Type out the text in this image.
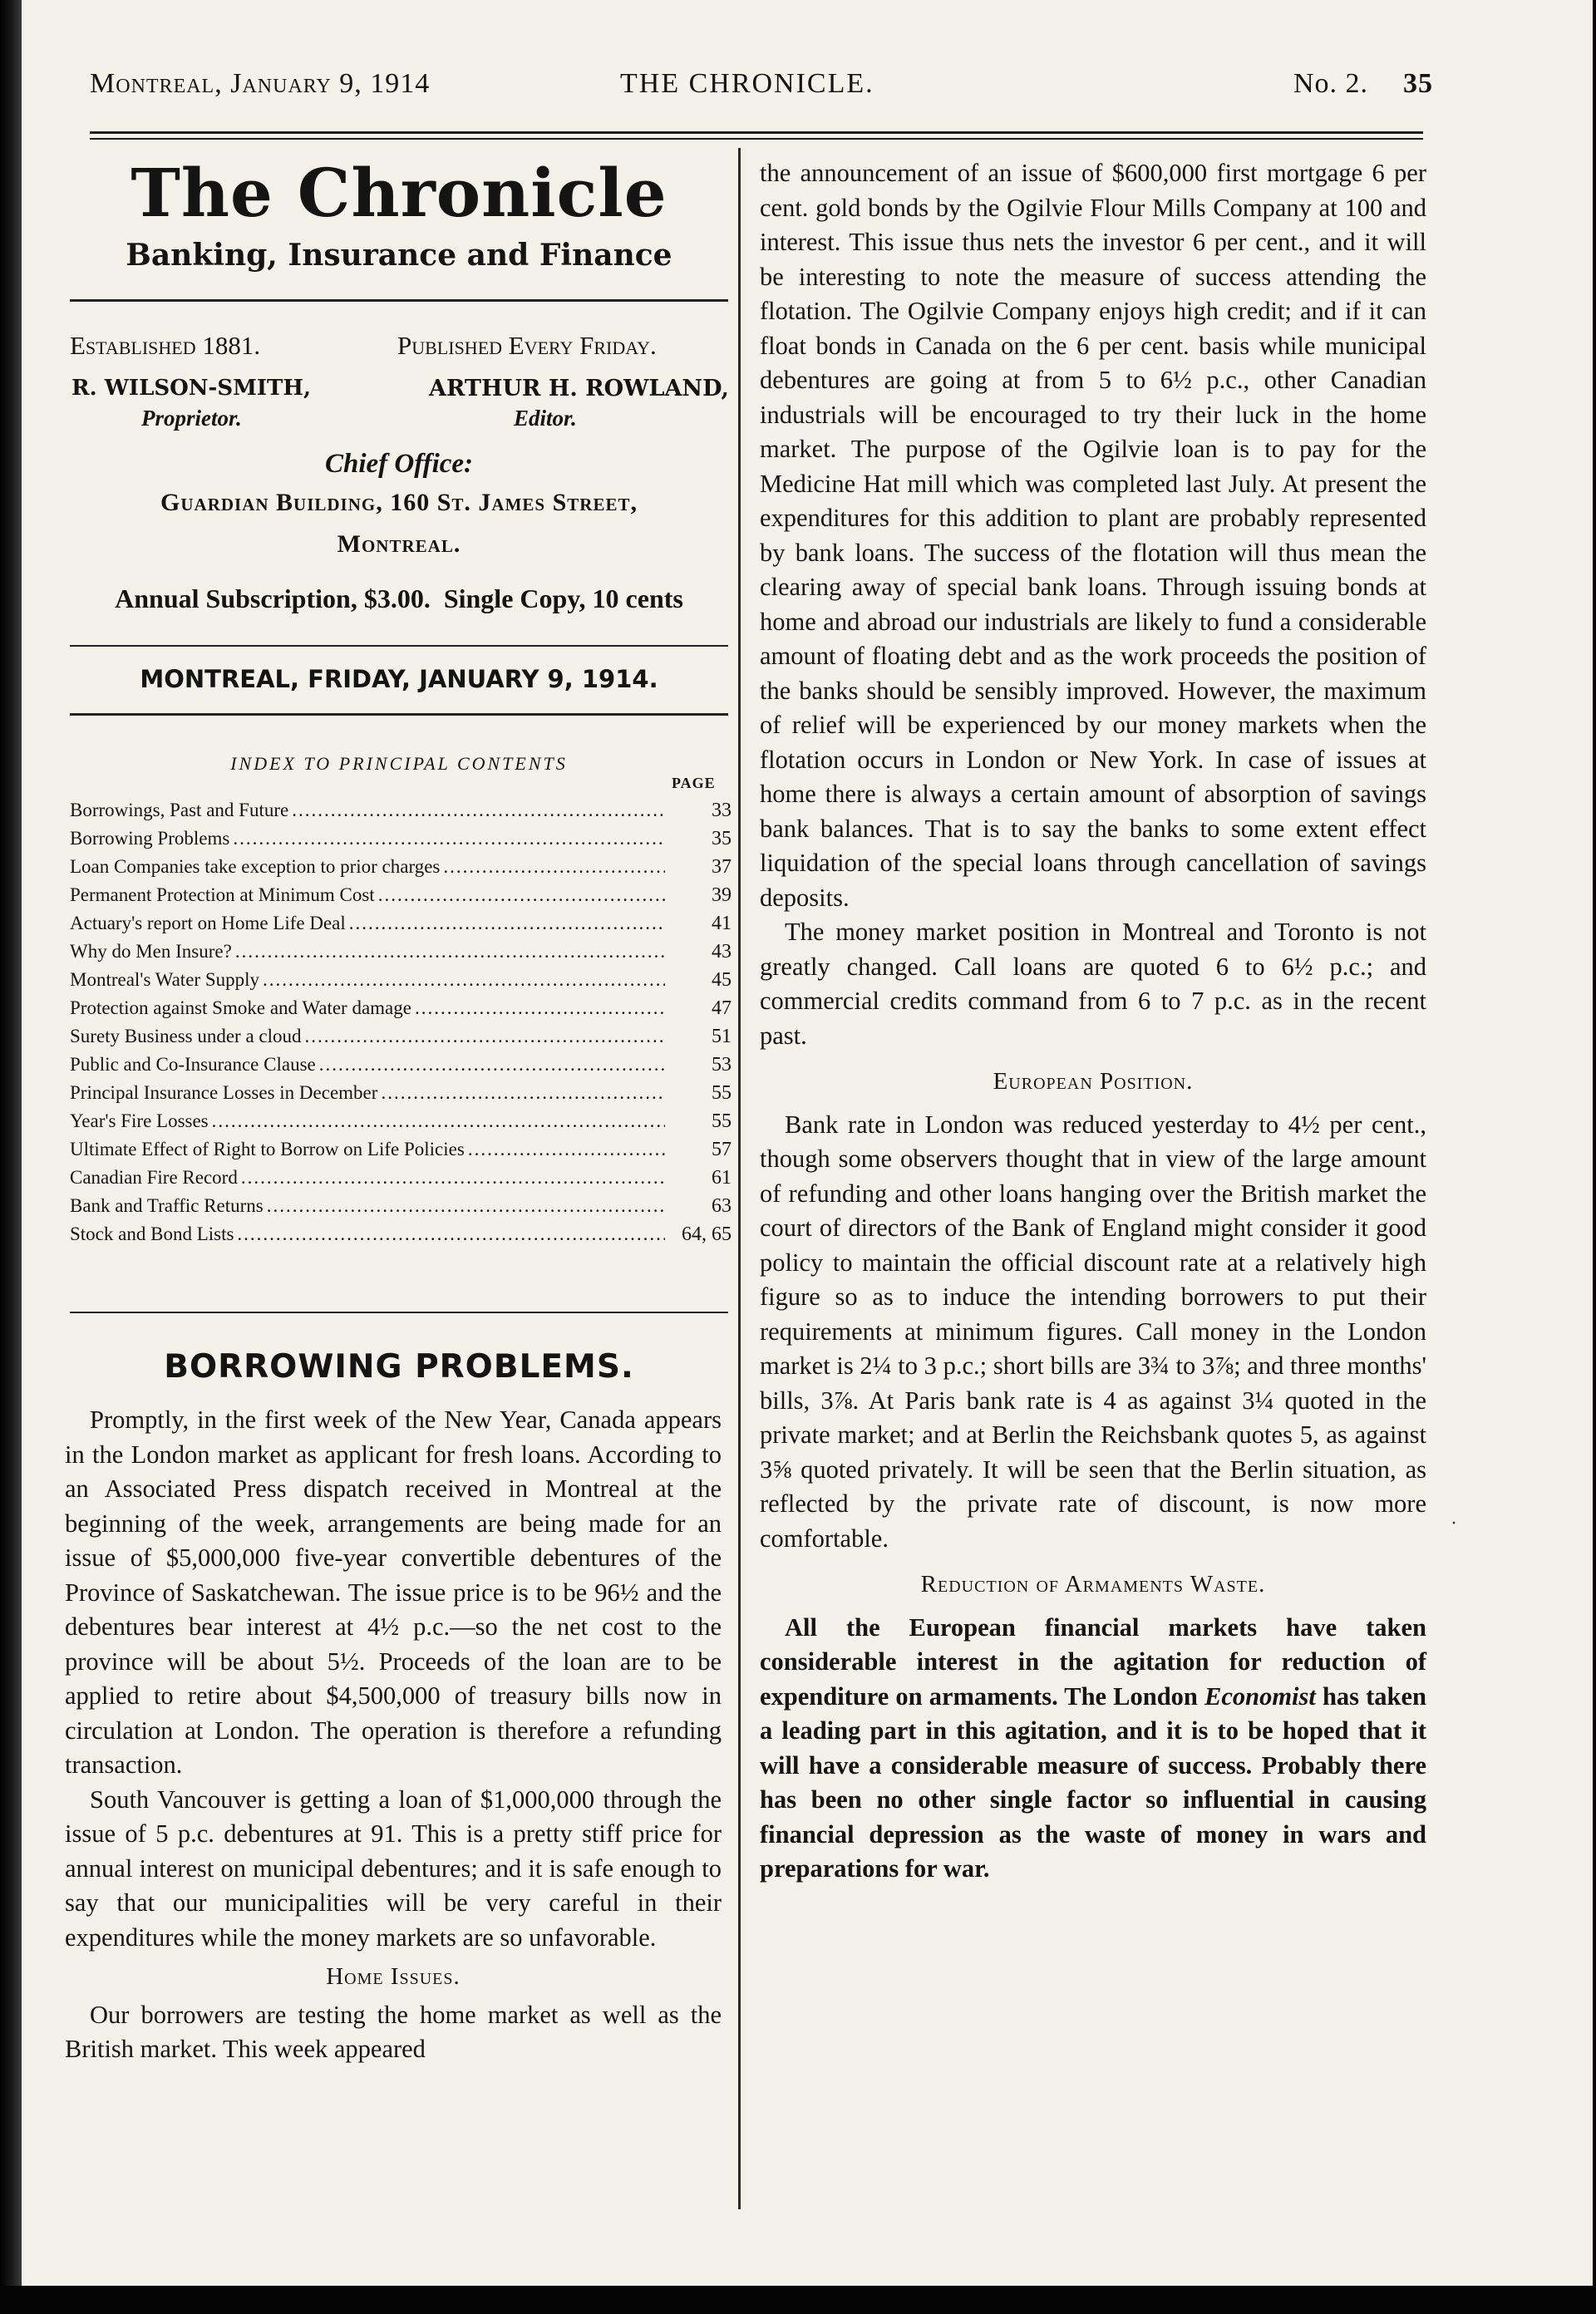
Montreal, January 9, 1914	THE CHRONICLE.	No. 2. 35
The Chronicle
Banking, Insurance and Finance
Established 1881.	Published Every Friday.
R. WILSON-SMITH,	ARTHUR H. ROWLAND,
Proprietor.	Editor.
Chief Office:
Guardian Building, 160 St. James Street,
Montreal.
Annual Subscription, $3.00.  Single Copy, 10 cents
MONTREAL, FRIDAY, JANUARY 9, 1914.
INDEX TO PRINCIPAL CONTENTS
PAGE
Borrowings, Past and Future .....	33
Borrowing Problems .....	35
Loan Companies take exception to prior charges .....	37
Permanent Protection at Minimum Cost .....	39
Actuary's report on Home Life Deal .....	41
Why do Men Insure? .....	43
Montreal's Water Supply .....	45
Protection against Smoke and Water damage .....	47
Surety Business under a cloud .....	51
Public and Co-Insurance Clause .....	53
Principal Insurance Losses in December .....	55
Year's Fire Losses .....	55
Ultimate Effect of Right to Borrow on Life Policies .....	57
Canadian Fire Record .....	61
Bank and Traffic Returns .....	63
Stock and Bond Lists .....	64, 65
BORROWING PROBLEMS.

Promptly, in the first week of the New Year, Canada appears in the London market as applicant for fresh loans. According to an Associated Press dispatch received in Montreal at the beginning of the week, arrangements are being made for an issue of $5,000,000 five-year convertible debentures of the Province of Saskatchewan. The issue price is to be 96½ and the debentures bear interest at 4½ p.c.—so the net cost to the province will be about 5½. Proceeds of the loan are to be applied to retire about $4,500,000 of treasury bills now in circulation at London. The operation is therefore a refunding transaction.

South Vancouver is getting a loan of $1,000,000 through the issue of 5 p.c. debentures at 91. This is a pretty stiff price for annual interest on municipal debentures; and it is safe enough to say that our municipalities will be very careful in their expenditures while the money markets are so unfavorable.

Home Issues.

Our borrowers are testing the home market as well as the British market. This week appeared

the announcement of an issue of $600,000 first mortgage 6 per cent. gold bonds by the Ogilvie Flour Mills Company at 100 and interest. This issue thus nets the investor 6 per cent., and it will be interesting to note the measure of success attending the flotation. The Ogilvie Company enjoys high credit; and if it can float bonds in Canada on the 6 per cent. basis while municipal debentures are going at from 5 to 6½ p.c., other Canadian industrials will be encouraged to try their luck in the home market. The purpose of the Ogilvie loan is to pay for the Medicine Hat mill which was completed last July. At present the expenditures for this addition to plant are probably represented by bank loans. The success of the flotation will thus mean the clearing away of special bank loans. Through issuing bonds at home and abroad our industrials are likely to fund a considerable amount of floating debt and as the work proceeds the position of the banks should be sensibly improved. However, the maximum of relief will be experienced by our money markets when the flotation occurs in London or New York. In case of issues at home there is always a certain amount of absorption of savings bank balances. That is to say the banks to some extent effect liquidation of the special loans through cancellation of savings deposits.

The money market position in Montreal and Toronto is not greatly changed. Call loans are quoted 6 to 6½ p.c.; and commercial credits command from 6 to 7 p.c. as in the recent past.

European Position.

Bank rate in London was reduced yesterday to 4½ per cent., though some observers thought that in view of the large amount of refunding and other loans hanging over the British market the court of directors of the Bank of England might consider it good policy to maintain the official discount rate at a relatively high figure so as to induce the intending borrowers to put their requirements at minimum figures. Call money in the London market is 2¼ to 3 p.c.; short bills are 3¾ to 3⅞; and three months' bills, 3⅞. At Paris bank rate is 4 as against 3¼ quoted in the private market; and at Berlin the Reichsbank quotes 5, as against 3⅝ quoted privately. It will be seen that the Berlin situation, as reflected by the private rate of discount, is now more comfortable.

Reduction of Armaments Waste.

All the European financial markets have taken considerable interest in the agitation for reduction of expenditure on armaments. The London Economist has taken a leading part in this agitation, and it is to be hoped that it will have a considerable measure of success. Probably there has been no other single factor so influential in causing financial depression as the waste of money in wars and preparations for war.

·
